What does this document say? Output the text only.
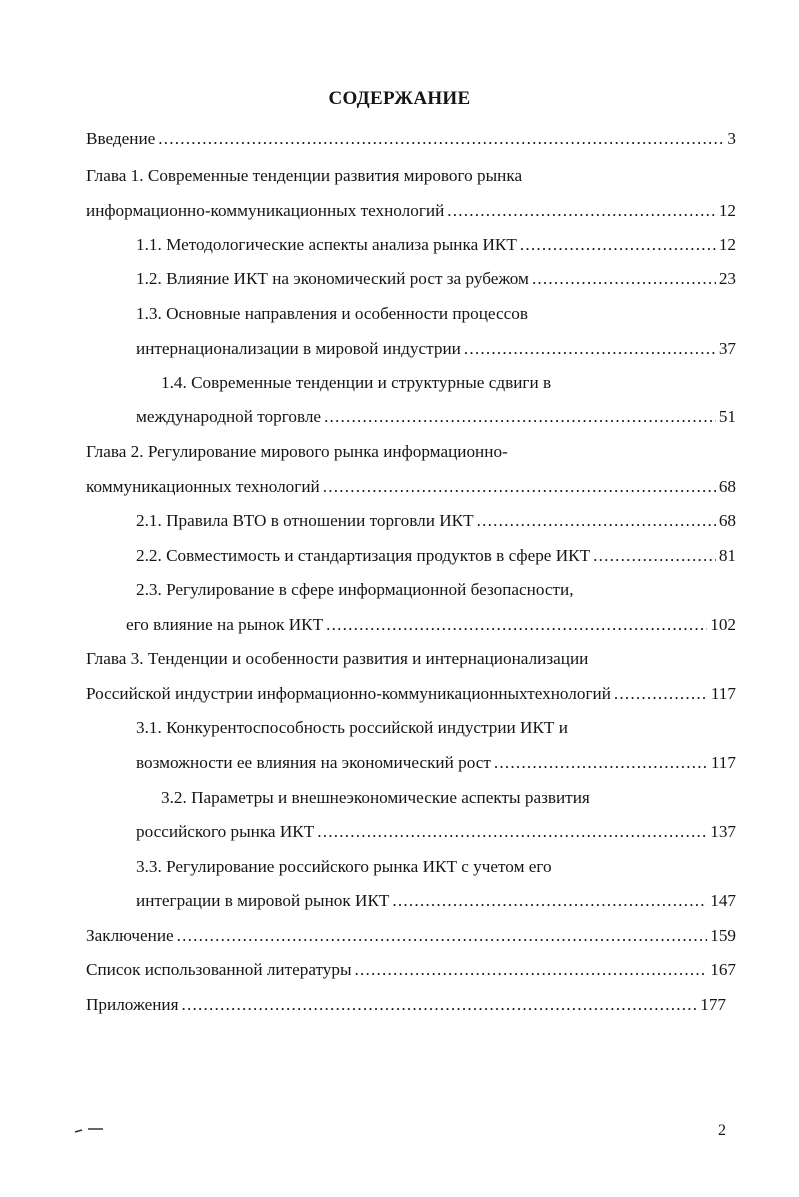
СОДЕРЖАНИЕ
Введение .....	3
Глава 1. Современные тенденции развития мирового рынка
информационно-коммуникационных технологий .....	12
1.1. Методологические аспекты анализа рынка ИКТ .....	12
1.2. Влияние ИКТ на экономический рост за рубежом .....	23
1.3. Основные направления и особенности процессов
интернационализации в мировой индустрии .....	37
1.4. Современные тенденции и структурные сдвиги в
международной торговле .....	51
Глава 2. Регулирование мирового рынка информационно-
коммуникационных технологий .....	68
2.1. Правила ВТО в отношении торговли ИКТ .....	68
2.2. Совместимость и стандартизация продуктов в сфере ИКТ .....	81
2.3. Регулирование в сфере информационной безопасности,
его влияние на рынок ИКТ .....	102
Глава 3. Тенденции и особенности развития и интернационализации
Российской индустрии информационно-коммуникационныхтехнологий .....	117
3.1. Конкурентоспособность российской индустрии ИКТ и
возможности ее влияния на экономический рост .....	117
3.2. Параметры и внешнеэкономические аспекты развития
российского рынка ИКТ .....	137
3.3. Регулирование российского рынка ИКТ с учетом его
интеграции в мировой рынок ИКТ .....	147
Заключение .....	159
Список использованной литературы .....	167
Приложения .....	177
2
